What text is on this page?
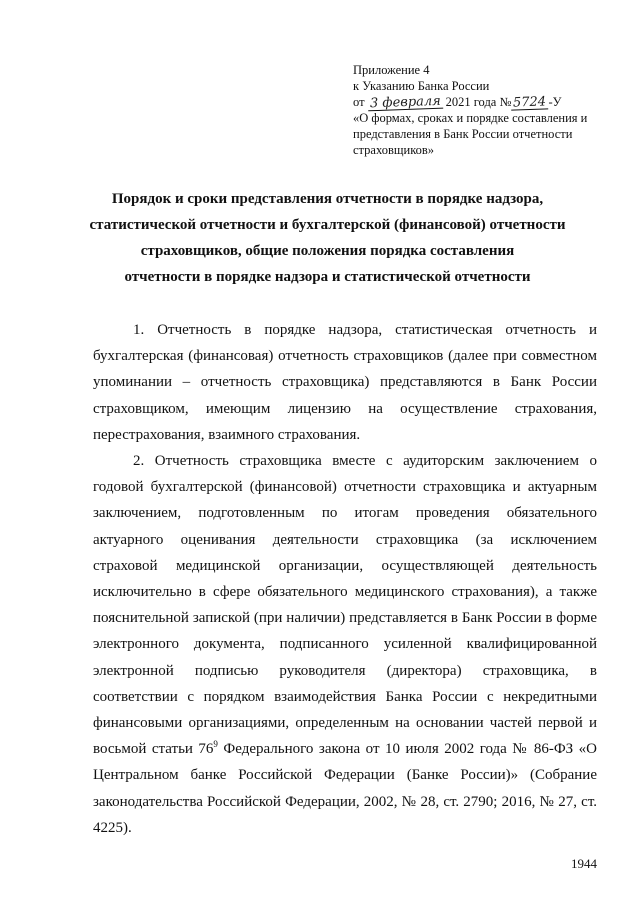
Приложение 4
к Указанию Банка России
от 3 февраля 2021 года № 5724 -У
«О формах, сроках и порядке составления и
представления в Банк России отчетности
страховщиков»
Порядок и сроки представления отчетности в порядке надзора,
статистической отчетности и бухгалтерской (финансовой) отчетности
страховщиков, общие положения порядка составления
отчетности в порядке надзора и статистической отчетности

1. Отчетность в порядке надзора, статистическая отчетность и бухгалтерская (финансовая) отчетность страховщиков (далее при совместном упоминании – отчетность страховщика) представляются в Банк России страховщиком, имеющим лицензию на осуществление страхования, перестрахования, взаимного страхования.

2. Отчетность страховщика вместе с аудиторским заключением о годовой бухгалтерской (финансовой) отчетности страховщика и актуарным заключением, подготовленным по итогам проведения обязательного актуарного оценивания деятельности страховщика (за исключением страховой медицинской организации, осуществляющей деятельность исключительно в сфере обязательного медицинского страхования), а также пояснительной запиской (при наличии) представляется в Банк России в форме электронного документа, подписанного усиленной квалифицированной электронной подписью руководителя (директора) страховщика, в соответствии с порядком взаимодействия Банка России с некредитными финансовыми организациями, определенным на основании частей первой и восьмой статьи $76^9$ Федерального закона от 10 июля 2002 года № 86-ФЗ «О Центральном банке Российской Федерации (Банке России)» (Собрание законодательства Российской Федерации, 2002, № 28, ст. 2790; 2016, № 27, ст. 4225).

1944
